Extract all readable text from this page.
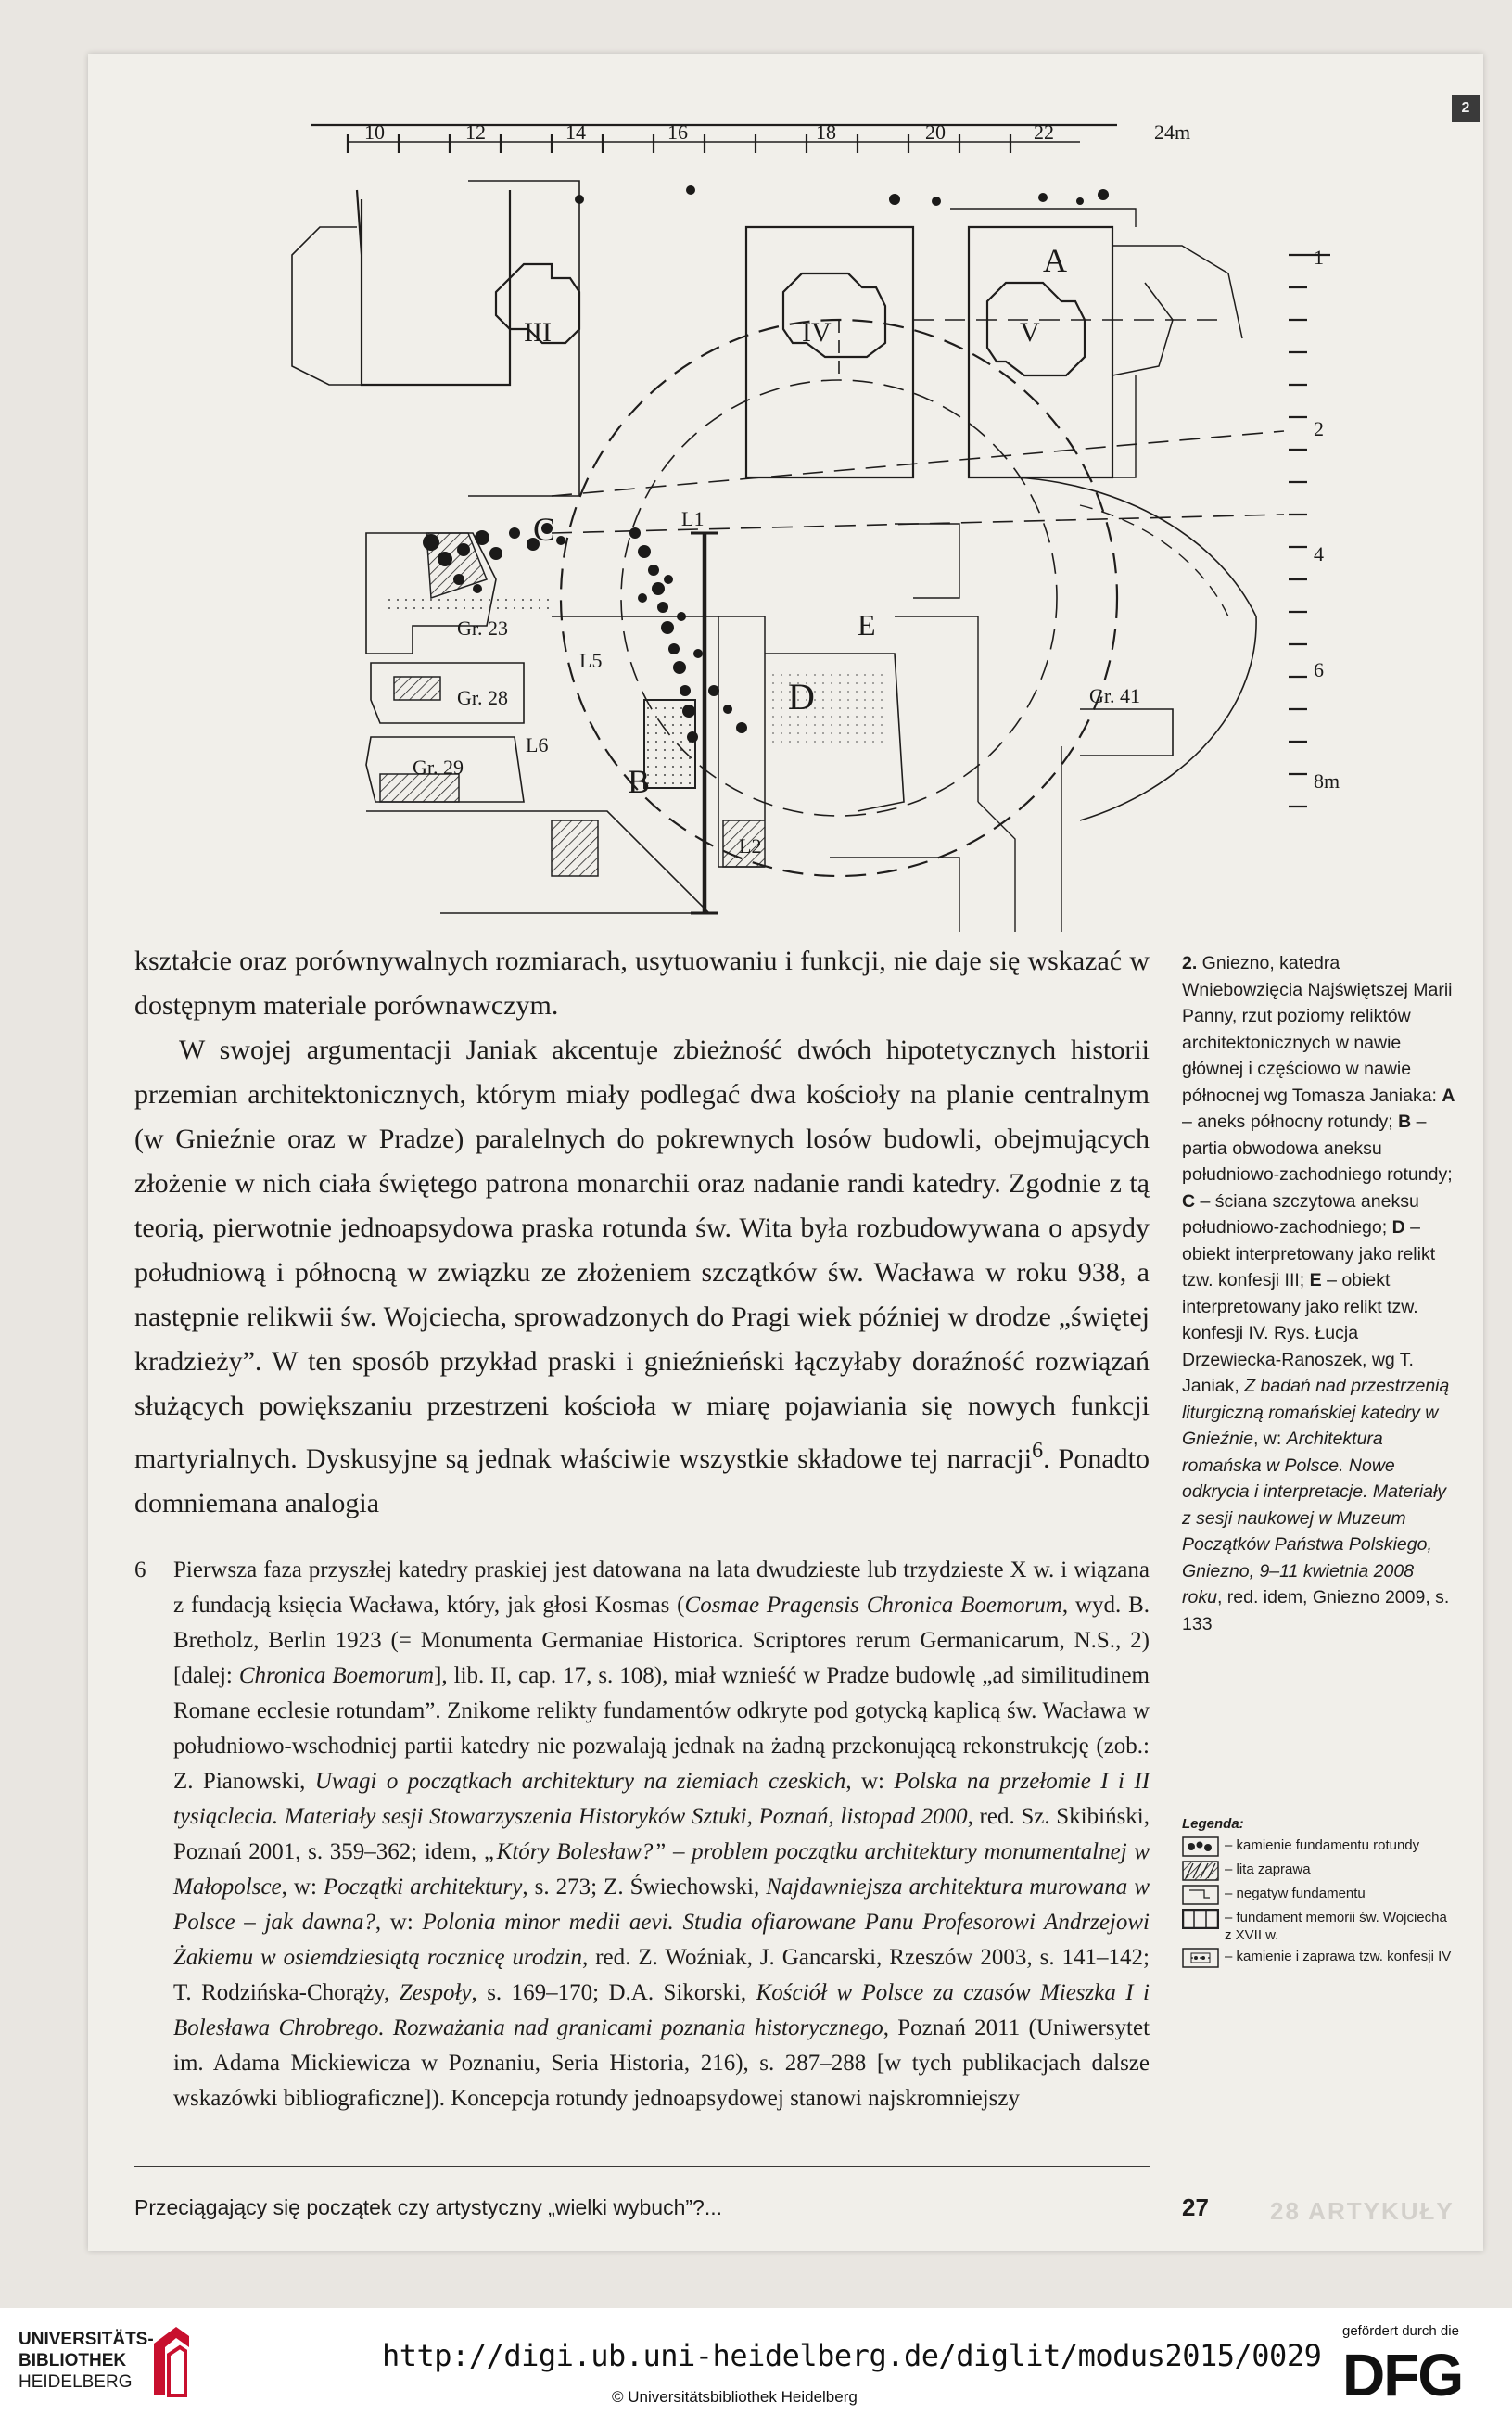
2
10	12	14	16	18	20	22	24m
1
2
4
6
8m
III	IV	V
A
B
C
D
E
Gr. 23
Gr. 28
Gr. 29
Gr. 41
L1
L2
L5
L6

kształcie oraz porównywalnych rozmiarach, usytuowaniu i funkcji, nie daje się wskazać w dostępnym materiale porównawczym.

W swojej argumentacji Janiak akcentuje zbieżność dwóch hipotetycznych historii przemian architektonicznych, którym miały podlegać dwa kościoły na planie centralnym (w Gnieźnie oraz w Pradze) paralelnych do pokrewnych losów budowli, obejmujących złożenie w nich ciała świętego patrona monarchii oraz nadanie randi katedry. Zgodnie z tą teorią, pierwotnie jednoapsydowa praska rotunda św. Wita była rozbudowywana o apsydy południową i północną w związku ze złożeniem szczątków św. Wacława w roku 938, a następnie relikwii św. Wojciecha, sprowadzonych do Pragi wiek później w drodze „świętej kradzieży”. W ten sposób przykład praski i gnieźnieński łączyłaby doraźność rozwiązań służących powiększaniu przestrzeni kościoła w miarę pojawiania się nowych funkcji martyrialnych. Dyskusyjne są jednak właściwie wszystkie składowe tej narracji$^6$. Ponadto domniemana analogia

6 Pierwsza faza przyszłej katedry praskiej jest datowana na lata dwudzieste lub trzydzieste X w. i wiązana z fundacją księcia Wacława, który, jak głosi Kosmas (Cosmae Pragensis Chronica Boemorum, wyd. B. Bretholz, Berlin 1923 (= Monumenta Germaniae Historica. Scriptores rerum Germanicarum, N.S., 2) [dalej: Chronica Boemorum], lib. II, cap. 17, s. 108), miał wznieść w Pradze budowlę „ad similitudinem Romane ecclesie rotundam”. Znikome relikty fundamentów odkryte pod gotycką kaplicą św. Wacława w południowo-wschodniej partii katedry nie pozwalają jednak na żadną przekonującą rekonstrukcję (zob.: Z. Pianowski, Uwagi o początkach architektury na ziemiach czeskich, w: Polska na przełomie I i II tysiąclecia. Materiały sesji Stowarzyszenia Historyków Sztuki, Poznań, listopad 2000, red. Sz. Skibiński, Poznań 2001, s. 359–362; idem, „Który Bolesław?” – problem początku architektury monumentalnej w Małopolsce, w: Początki architektury, s. 273; Z. Świechowski, Najdawniejsza architektura murowana w Polsce – jak dawna?, w: Polonia minor medii aevi. Studia ofiarowane Panu Profesorowi Andrzejowi Żakiemu w osiemdziesiątą rocznicę urodzin, red. Z. Woźniak, J. Gancarski, Rzeszów 2003, s. 141–142; T. Rodzińska-Chorąży, Zespoły, s. 169–170; D.A. Sikorski, Kościół w Polsce za czasów Mieszka I i Bolesława Chrobrego. Rozważania nad granicami poznania historycznego, Poznań 2011 (Uniwersytet im. Adama Mickiewicza w Poznaniu, Seria Historia, 216), s. 287–288 [w tych publikacjach dalsze wskazówki bibliograficzne]). Koncepcja rotundy jednoapsydowej stanowi najskromniejszy
2. Gniezno, katedra Wniebowzięcia Najświętszej Marii Panny, rzut poziomy reliktów architektonicznych w nawie głównej i częściowo w nawie północnej wg Tomasza Janiaka: A – aneks północny rotundy; B – partia obwodowa aneksu południowo-zachodniego rotundy; C – ściana szczytowa aneksu południowo-zachodniego; D – obiekt interpretowany jako relikt tzw. konfesji III; E – obiekt interpretowany jako relikt tzw. konfesji IV. Rys. Łucja Drzewiecka-Ranoszek, wg T. Janiak, Z badań nad przestrzenią liturgiczną romańskiej katedry w Gnieźnie, w: Architektura romańska w Polsce. Nowe odkrycia i interpretacje. Materiały z sesji naukowej w Muzeum Początków Państwa Polskiego, Gniezno, 9–11 kwietnia 2008 roku, red. idem, Gniezno 2009, s. 133
Legenda:
– kamienie fundamentu rotundy
– lita zaprawa
– negatyw fundamentu
– fundament memorii św. Wojciecha z XVII w.
– kamienie i zaprawa tzw. konfesji IV
Przeciągający się początek czy artystyczny „wielki wybuch”?...	27	28 ARTYKUŁY
UNIVERSITÄTS-
BIBLIOTHEK
HEIDELBERG
http://digi.ub.uni-heidelberg.de/diglit/modus2015/0029
© Universitätsbibliothek Heidelberg
gefördert durch die
DFG
